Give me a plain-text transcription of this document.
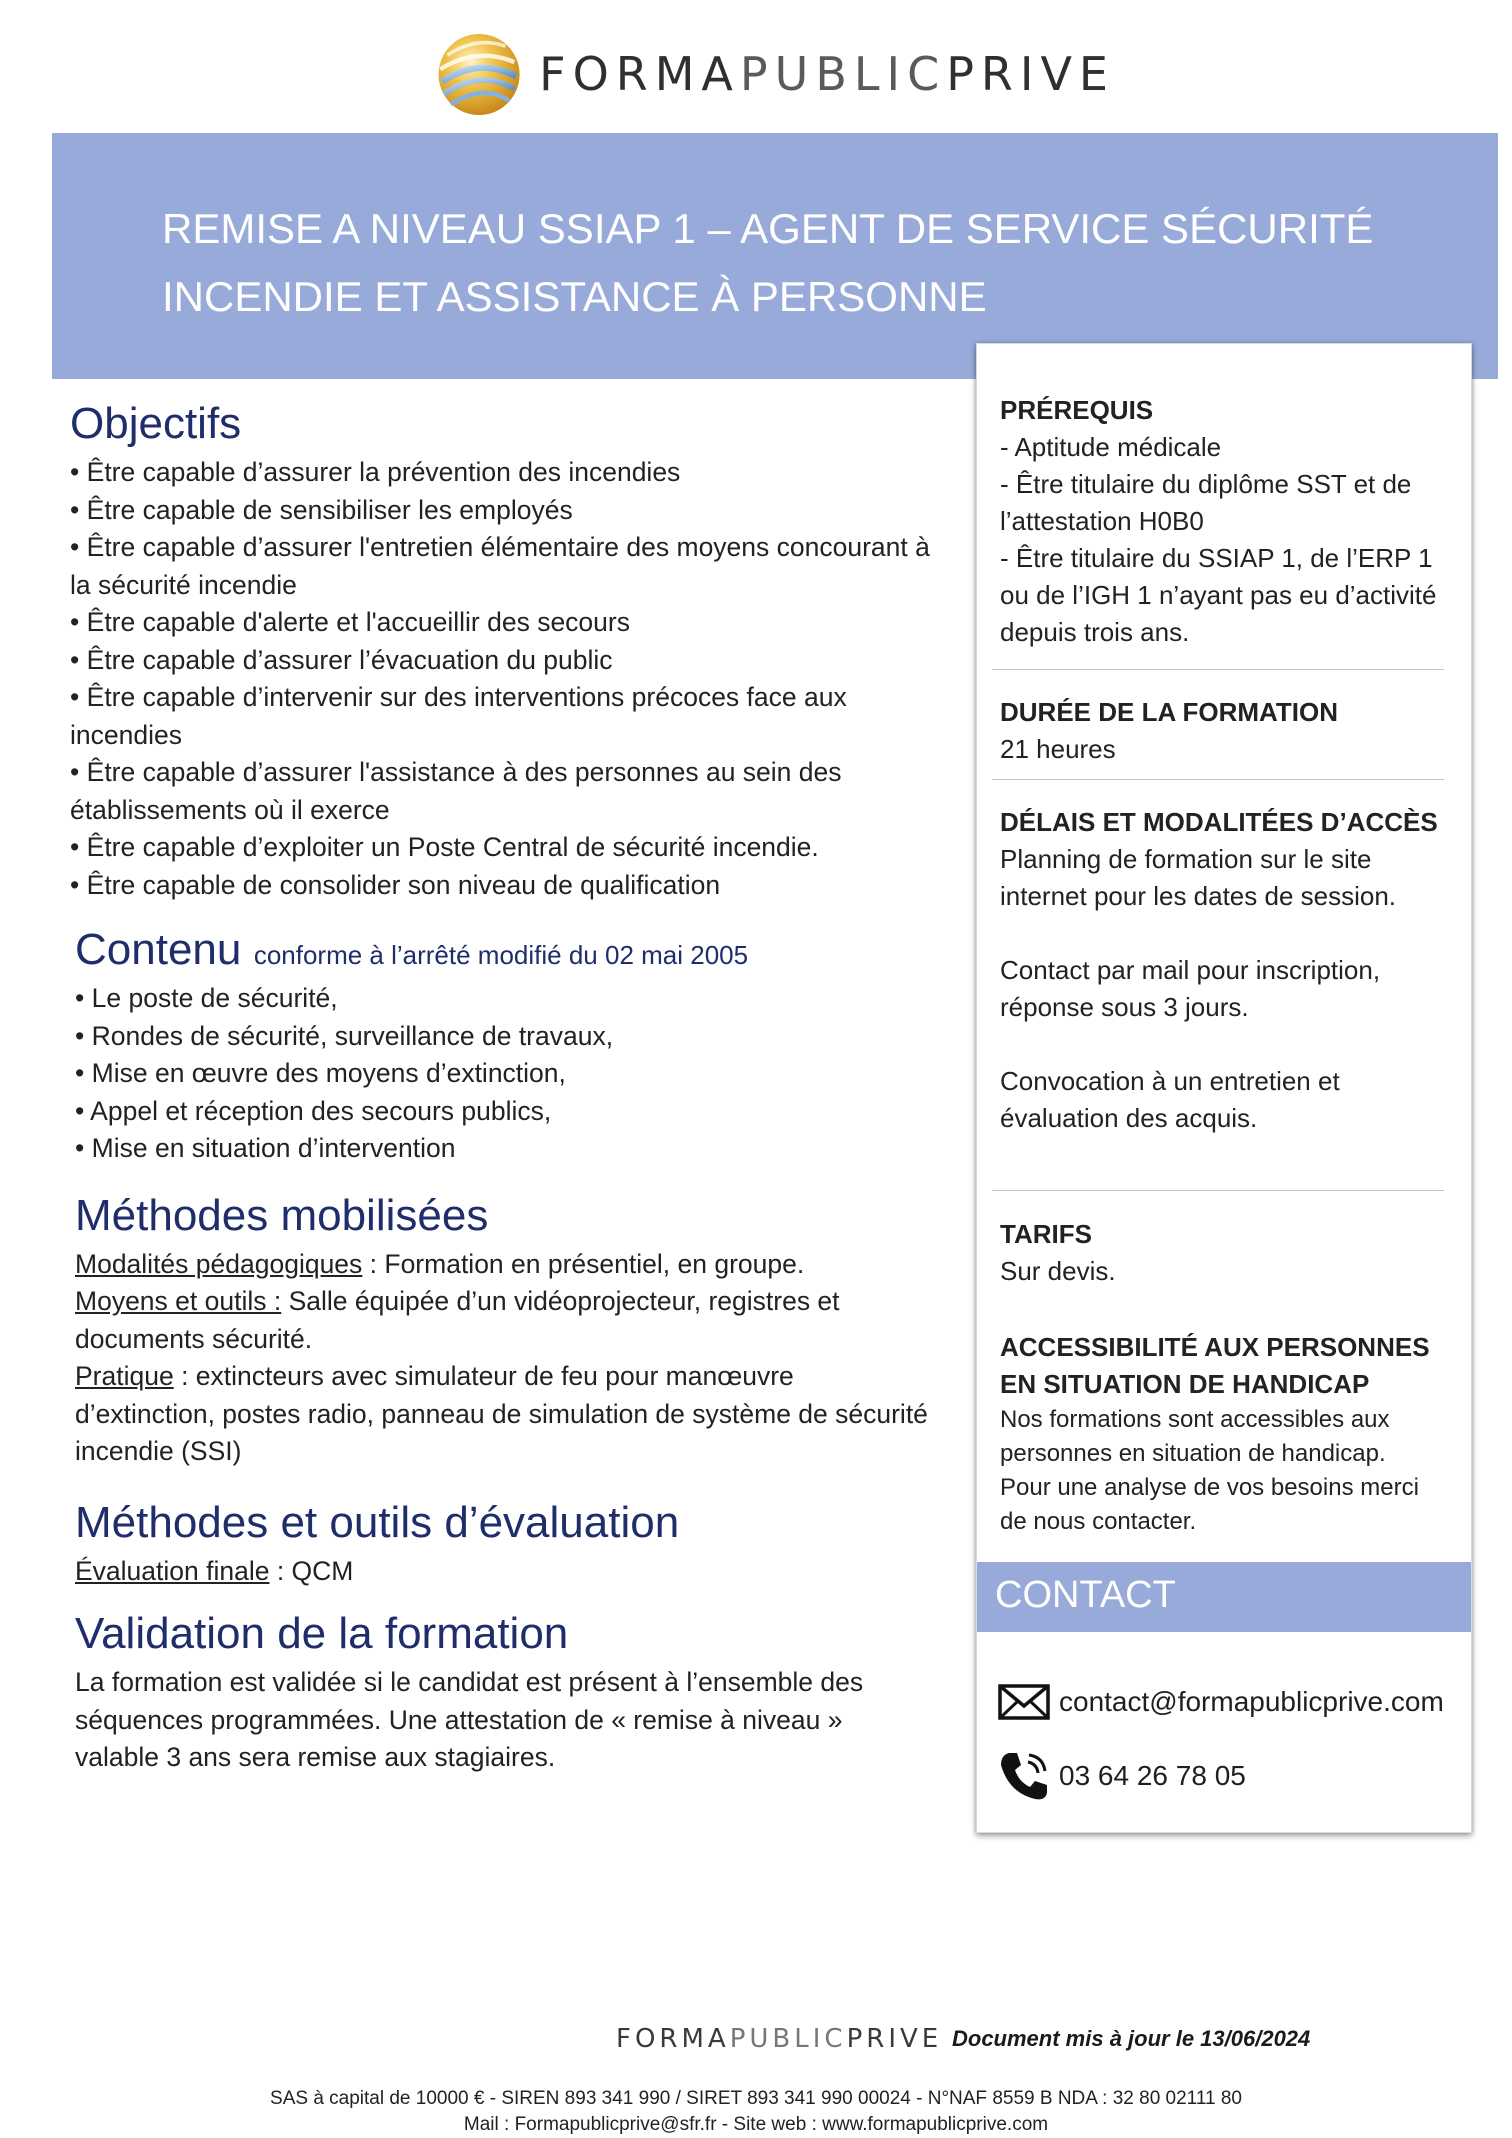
FORMAPUBLICPRIVE
REMISE A NIVEAU SSIAP 1 – AGENT DE SERVICE SÉCURITÉ
INCENDIE ET ASSISTANCE À PERSONNE
Objectifs
• Être capable d’assurer la prévention des incendies
• Être capable de sensibiliser les employés
• Être capable d’assurer l'entretien élémentaire des moyens concourant à la sécurité incendie
• Être capable d'alerte et l'accueillir des secours
• Être capable d’assurer l’évacuation du public
• Être capable d’intervenir sur des interventions précoces face aux incendies
• Être capable d’assurer l'assistance à des personnes au sein des établissements où il exerce
• Être capable d’exploiter un Poste Central de sécurité incendie.
• Être capable de consolider son niveau de qualification
Contenu conforme à l’arrêté modifié du 02 mai 2005
• Le poste de sécurité,
• Rondes de sécurité, surveillance de travaux,
• Mise en œuvre des moyens d’extinction,
• Appel et réception des secours publics,
• Mise en situation d’intervention
Méthodes mobilisées
Modalités pédagogiques : Formation en présentiel, en groupe.
Moyens et outils : Salle équipée d’un vidéoprojecteur, registres et documents sécurité.
Pratique : extincteurs avec simulateur de feu pour manœuvre d’extinction, postes radio, panneau de simulation de système de sécurité incendie (SSI)
Méthodes et outils d’évaluation
Évaluation finale : QCM
Validation de la formation
La formation est validée si le candidat est présent à l’ensemble des séquences programmées. Une attestation de « remise à niveau » valable 3 ans sera remise aux stagiaires.
PRÉREQUIS
- Aptitude médicale
- Être titulaire du diplôme SST et de l’attestation H0B0
- Être titulaire du SSIAP 1, de l’ERP 1 ou de l’IGH 1 n’ayant pas eu d’activité depuis trois ans.
DURÉE DE LA FORMATION
21 heures
DÉLAIS ET MODALITÉES D’ACCÈS
Planning de formation sur le site internet pour les dates de session.
Contact par mail pour inscription, réponse sous 3 jours.
Convocation à un entretien et évaluation des acquis.
TARIFS
Sur devis.
ACCESSIBILITÉ AUX PERSONNES EN SITUATION DE HANDICAP
Nos formations sont accessibles aux personnes en situation de handicap. Pour une analyse de vos besoins merci de nous contacter.
CONTACT
contact@formapublicprive.com
03 64 26 78 05
FORMAPUBLICPRIVE Document mis à jour le 13/06/2024
SAS à capital de 10000 € - SIREN 893 341 990 / SIRET 893 341 990 00024 - N°NAF 8559 B NDA : 32 80 02111 80
Mail : Formapublicprive@sfr.fr - Site web : www.formapublicprive.com
